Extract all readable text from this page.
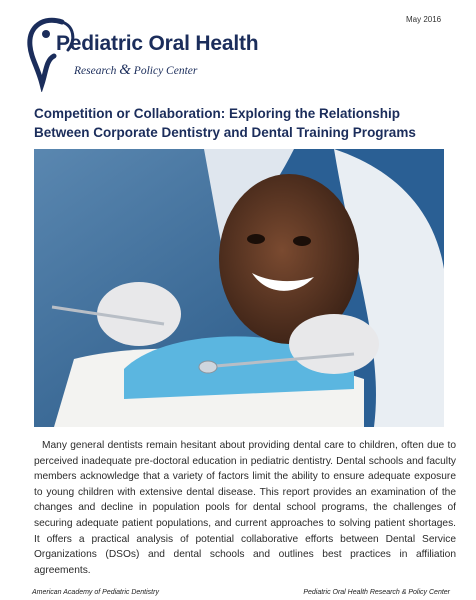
May 2016
Pediatric Oral Health
Research & Policy Center
Competition or Collaboration: Exploring the Relationship Between Corporate Dentistry and Dental Training Programs

Many general dentists remain hesitant about providing dental care to children, often due to perceived inadequate pre-doctoral education in pediatric dentistry. Dental schools and faculty members acknowledge that a variety of factors limit the ability to ensure adequate exposure to young children with extensive dental disease. This report provides an examination of the changes and decline in population pools for dental school programs, the challenges of securing adequate patient populations, and current approaches to solving patient shortages. It offers a practical analysis of potential collaborative efforts between Dental Service Organizations (DSOs) and dental schools and outlines best practices in affiliation agreements.

American Academy of Pediatric Dentistry	Pediatric Oral Health Research & Policy Center
